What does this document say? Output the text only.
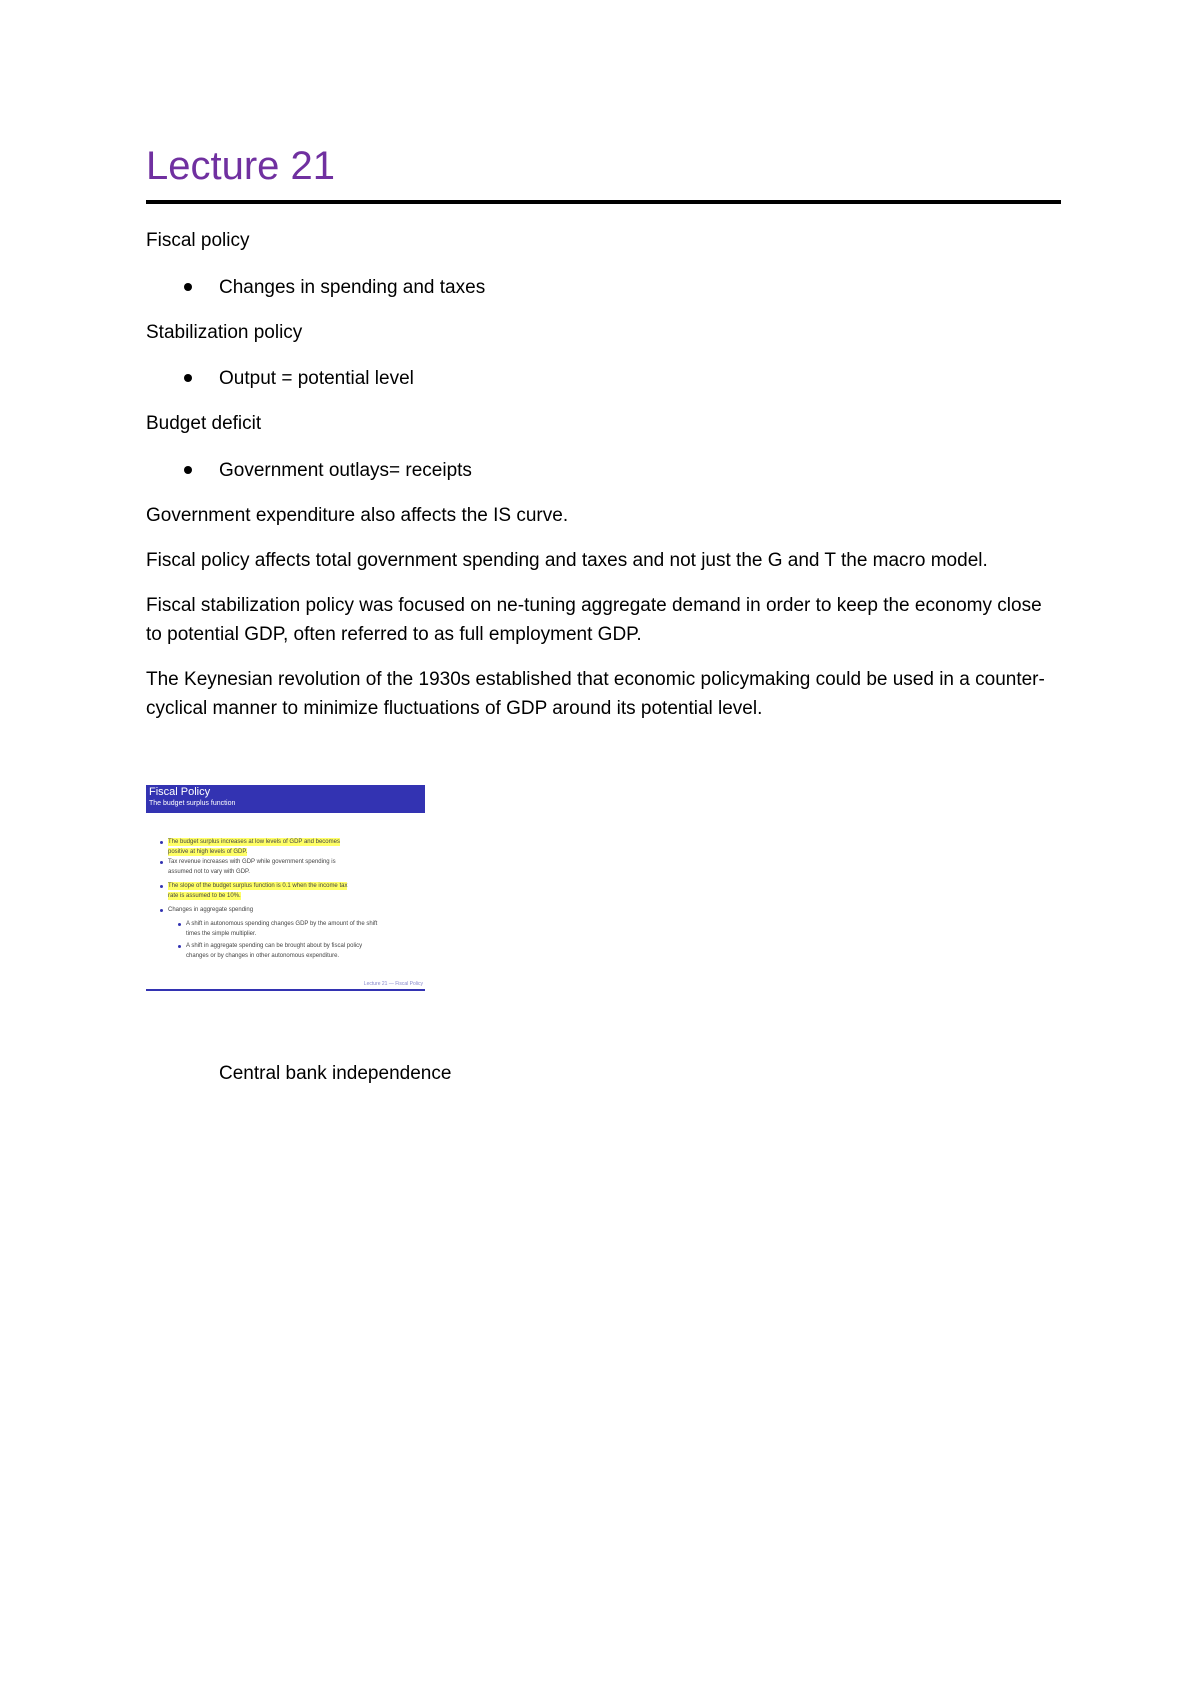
Lecture 21
Fiscal policy
Changes in spending and taxes
Stabilization policy
Output = potential level
Budget deficit
Government outlays= receipts
Government expenditure also affects the IS curve.
Fiscal policy affects total government spending and taxes and not just the G and T the macro model.
Fiscal stabilization policy was focused on ne-tuning aggregate demand in order to keep the economy close to potential GDP, often referred to as full employment GDP.
The Keynesian revolution of the 1930s established that economic policymaking could be used in a counter-cyclical manner to minimize fluctuations of GDP around its potential level.
Fiscal Policy
The budget surplus function
The budget surplus increases at low levels of GDP and becomes
positive at high levels of GDP.
Tax revenue increases with GDP while government spending is
assumed not to vary with GDP.
The slope of the budget surplus function is 0.1 when the income tax
rate is assumed to be 10%.
Changes in aggregate spending
A shift in autonomous spending changes GDP by the amount of the shift
times the simple multiplier.
A shift in aggregate spending can be brought about by fiscal policy
changes or by changes in other autonomous expenditure.
Lecture 21 — Fiscal Policy
Central bank independence
